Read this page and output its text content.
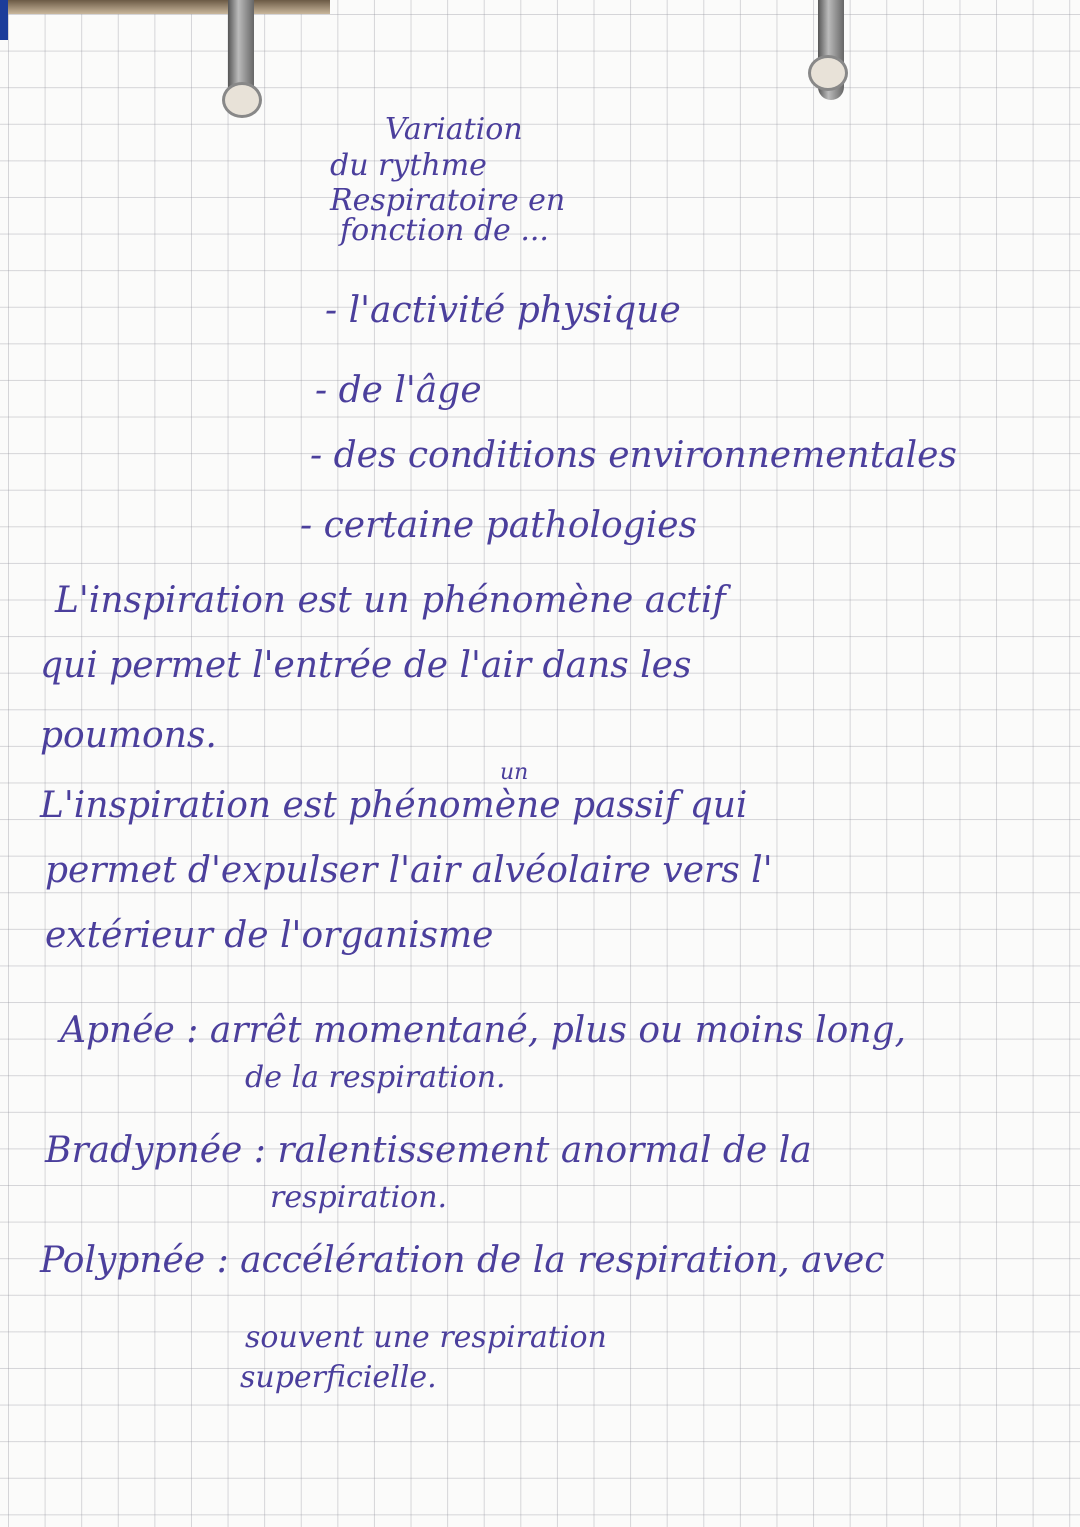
Variation
du rythme
Respiratoire en
fonction de ...
- l'activité physique
- de l'âge
- des conditions environnementales
- certaine pathologies
L'inspiration est un phénomène actif
qui permet l'entrée de l'air dans les
poumons.
un
L'inspiration est phénomène passif qui
permet d'expulser l'air alvéolaire vers l'
extérieur de l'organisme
Apnée : arrêt momentané, plus ou moins long,
de la respiration.
Bradypnée : ralentissement anormal de la
respiration.
Polypnée : accélération de la respiration, avec
souvent une respiration
superficielle.
